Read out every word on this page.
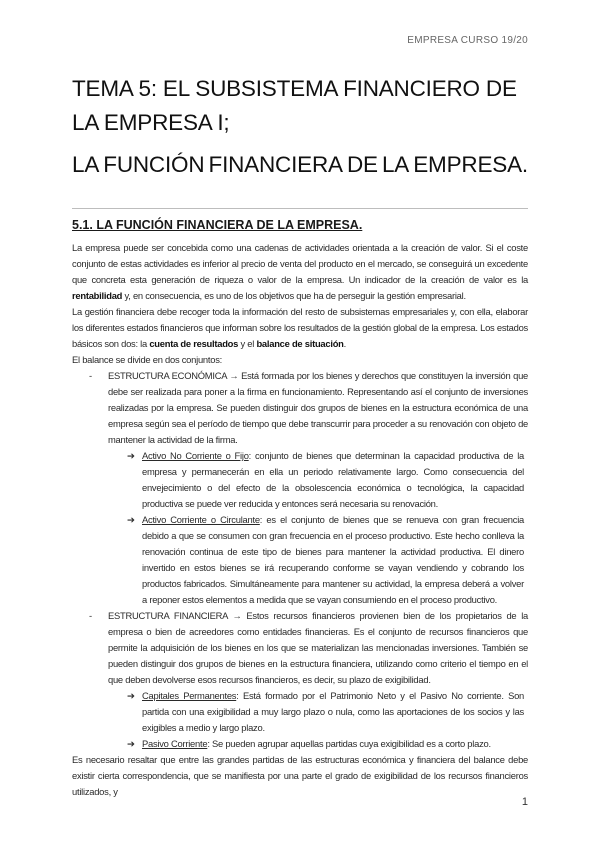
EMPRESA CURSO 19/20
TEMA 5: EL SUBSISTEMA FINANCIERO DE LA EMPRESA I;
LA FUNCIÓN FINANCIERA DE LA EMPRESA.
5.1. LA FUNCIÓN FINANCIERA DE LA EMPRESA.

La empresa puede ser concebida como una cadenas de actividades orientada a la creación de valor. Si el coste conjunto de estas actividades es inferior al precio de venta del producto en el mercado, se conseguirá un excedente que concreta esta generación de riqueza o valor de la empresa. Un indicador de la creación de valor es la rentabilidad y, en consecuencia, es uno de los objetivos que ha de perseguir la gestión empresarial.

La gestión financiera debe recoger toda la información del resto de subsistemas empresariales y, con ella, elaborar los diferentes estados financieros que informan sobre los resultados de la gestión global de la empresa. Los estados básicos son dos: la cuenta de resultados y el balance de situación.

El balance se divide en dos conjuntos:

-	ESTRUCTURA ECONÓMICA → Está formada por los bienes y derechos que constituyen la inversión que debe ser realizada para poner a la firma en funcionamiento. Representando así el conjunto de inversiones realizadas por la empresa. Se pueden distinguir dos grupos de bienes en la estructura económica de una empresa según sea el período de tiempo que debe transcurrir para proceder a su renovación con objeto de mantener la actividad de la firma.
➔ Activo No Corriente o Fijo: conjunto de bienes que determinan la capacidad productiva de la empresa y permanecerán en ella un periodo relativamente largo. Como consecuencia del envejecimiento o del efecto de la obsolescencia económica o tecnológica, la capacidad productiva se puede ver reducida y entonces será necesaria su renovación.
➔ Activo Corriente o Circulante: es el conjunto de bienes que se renueva con gran frecuencia debido a que se consumen con gran frecuencia en el proceso productivo. Este hecho conlleva la renovación continua de este tipo de bienes para mantener la actividad productiva. El dinero invertido en estos bienes se irá recuperando conforme se vayan vendiendo y cobrando los productos fabricados. Simultáneamente para mantener su actividad, la empresa deberá a volver a reponer estos elementos a medida que se vayan consumiendo en el proceso productivo.
-	ESTRUCTURA FINANCIERA → Estos recursos financieros provienen bien de los propietarios de la empresa o bien de acreedores como entidades financieras. Es el conjunto de recursos financieros que permite la adquisición de los bienes en los que se materializan las mencionadas inversiones. También se pueden distinguir dos grupos de bienes en la estructura financiera, utilizando como criterio el tiempo en el que deben devolverse esos recursos financieros, es decir, su plazo de exigibilidad.
➔ Capitales Permanentes: Está formado por el Patrimonio Neto y el Pasivo No corriente. Son partida con una exigibilidad a muy largo plazo o nula, como las aportaciones de los socios y las exigibles a medio y largo plazo.
➔ Pasivo Corriente: Se pueden agrupar aquellas partidas cuya exigibilidad es a corto plazo.

Es necesario resaltar que entre las grandes partidas de las estructuras económica y financiera del balance debe existir cierta correspondencia, que se manifiesta por una parte el grado de exigibilidad de los recursos financieros utilizados, y

1
